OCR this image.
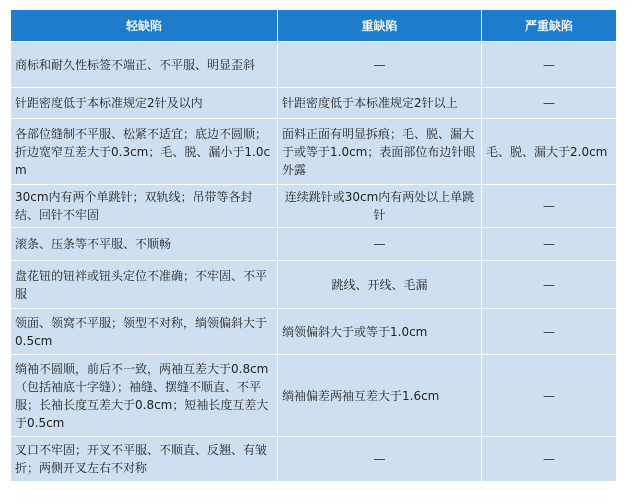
轻缺陷	重缺陷	严重缺陷
商标和耐久性标签不端正、不平服、明显歪斜	—	—
针距密度低于本标准规定2针及以内	针距密度低于本标准规定2针以上	—
各部位缝制不平服、松紧不适宜；底边不圆顺；折边宽窄互差大于0.3cm；毛、脱、漏小于1.0cm	面料正面有明显拆痕；毛、脱、漏大于或等于1.0cm；表面部位布边针眼外露	毛、脱、漏大于2.0cm
30cm内有两个单跳针；双轨线；吊带等各封结、回针不牢固	连续跳针或30cm内有两处以上单跳针	—
滚条、压条等不平服、不顺畅	—	—
盘花钮的钮袢或钮头定位不准确；不牢固、不平服	跳线、开线、毛漏	—
领面、领窝不平服；领型不对称，绱领偏斜大于0.5cm	绱领偏斜大于或等于1.0cm	—
绱袖不圆顺，前后不一致，两袖互差大于0.8cm（包括袖底十字缝）；袖缝、摆缝不顺直、不平服；长袖长度互差大于0.8cm；短袖长度互差大于0.5cm	绱袖偏差两袖互差大于1.6cm	—
叉口不牢固；开叉不平服、不顺直、反翘、有皱折；两侧开叉左右不对称	—	—
